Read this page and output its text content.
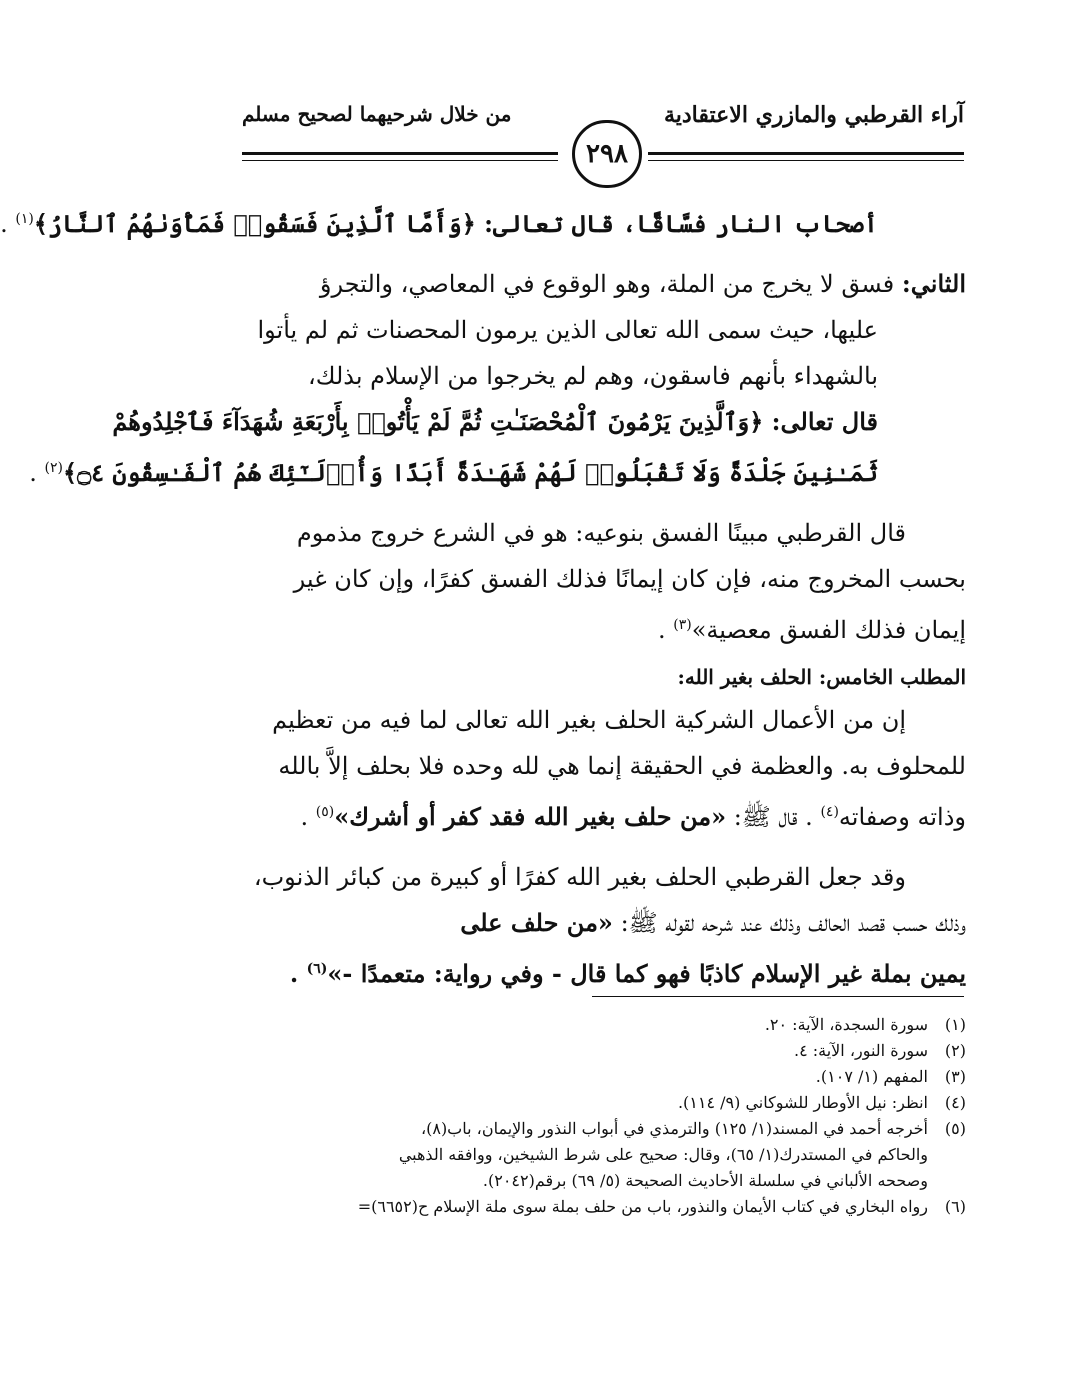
آراء القرطبي والمازري الاعتقادية
من خلال شرحيهما لصحيح مسلم
٢٩٨
أصحاب النار فسَّاقًا، قال تعالى: ﴿وَأَمَّا ٱلَّذِينَ فَسَقُوا۟ فَمَأْوَىٰهُمُ ٱلنَّارُ﴾$^{(١)}$ .
الثاني: فسق لا يخرج من الملة، وهو الوقوع في المعاصي، والتجرؤ
عليها، حيث سمى الله تعالى الذين يرمون المحصنات ثم لم يأتوا
بالشهداء بأنهم فاسقون، وهم لم يخرجوا من الإسلام بذلك،
قال تعالى: ﴿وَٱلَّذِينَ يَرْمُونَ ٱلْمُحْصَنَـٰتِ ثُمَّ لَمْ يَأْتُوا۟ بِأَرْبَعَةِ شُهَدَآءَ فَٱجْلِدُوهُمْ
ثَمَـٰنِينَ جَلْدَةً وَلَا تَقْبَلُوا۟ لَهُمْ شَهَـٰدَةً أَبَدًا وَأُو۟لَـٰٓئِكَ هُمُ ٱلْفَـٰسِقُونَ ۝٤﴾$^{(٢)}$ .
قال القرطبي مبينًا الفسق بنوعيه: هو في الشرع خروج مذموم
بحسب المخروج منه، فإن كان إيمانًا فذلك الفسق كفرًا، وإن كان غير
إيمان فذلك الفسق معصية»$^{(٣)}$ .
المطلب الخامس: الحلف بغير الله:
إن من الأعمال الشركية الحلف بغير الله تعالى لما فيه من تعظيم
للمحلوف به. والعظمة في الحقيقة إنما هي لله وحده فلا بحلف إلاَّ بالله
وذاته وصفاته$^{(٤)}$ . قال ﷺ: «من حلف بغير الله فقد كفر أو أشرك»$^{(٥)}$ .
وقد جعل القرطبي الحلف بغير الله كفرًا أو كبيرة من كبائر الذنوب،
وذلك حسب قصد الحالف وذلك عند شرحه لقوله ﷺ: «من حلف على
يمين بملة غير الإسلام كاذبًا فهو كما قال - وفي رواية: متعمدًا -»$^{(٦)}$ .
(١)سورة السجدة، الآية: ٢٠.
(٢)سورة النور، الآية: ٤.
(٣)المفهم (١/ ١٠٧).
(٤)انظر: نيل الأوطار للشوكاني (٩/ ١١٤).
(٥)أخرجه أحمد في المسند(١/ ١٢٥) والترمذي في أبواب النذور والإيمان، باب(٨)،
والحاكم في المستدرك(١/ ٦٥)، وقال: صحيح على شرط الشيخين، ووافقه الذهبي
وصححه الألباني في سلسلة الأحاديث الصحيحة (٥/ ٦٩) برقم(٢٠٤٢).
(٦)رواه البخاري في كتاب الأيمان والنذور، باب من حلف بملة سوى ملة الإسلام ح(٦٦٥٢)=
